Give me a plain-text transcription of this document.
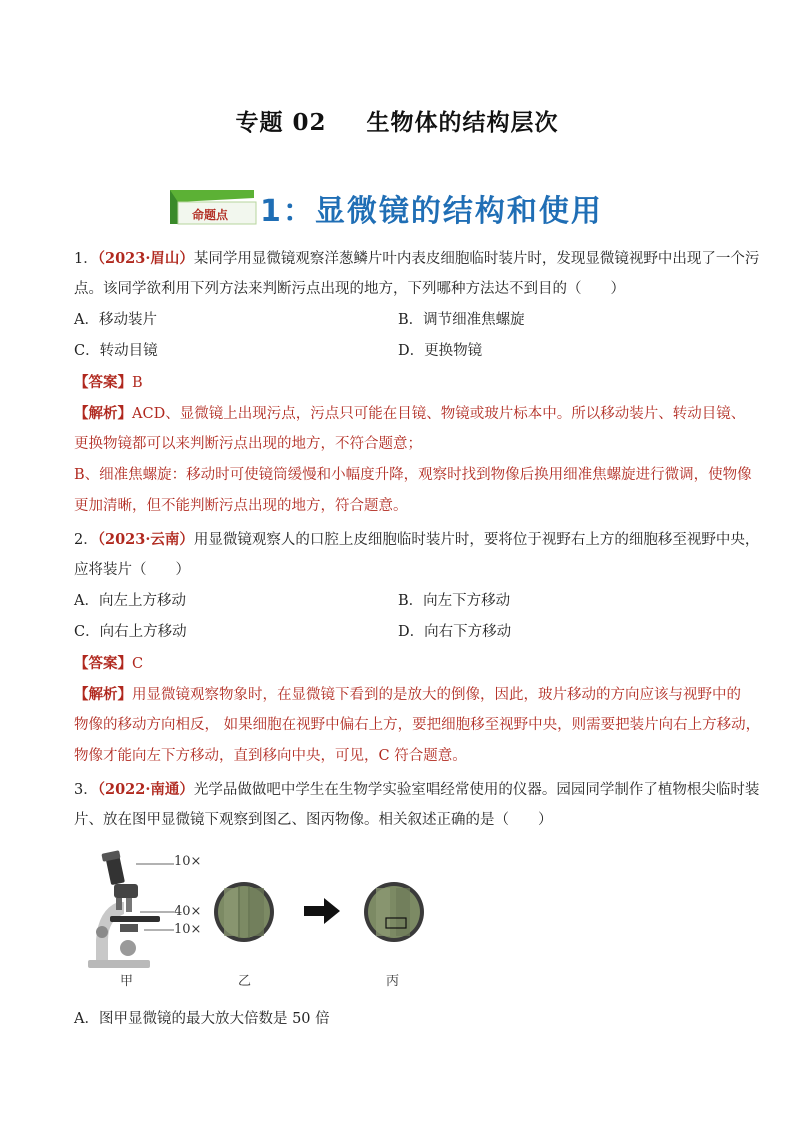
专题 02 生物体的结构层次
命题点 1：显微镜的结构和使用
1．（2023·眉山）某同学用显微镜观察洋葱鳞片叶内表皮细胞临时装片时，发现显微镜视野中出现了一个污
点。该同学欲利用下列方法来判断污点出现的地方，下列哪种方法达不到目的（　　）
A．移动装片	B．调节细准焦螺旋
C．转动目镜	D．更换物镜
【答案】B
【解析】ACD、显微镜上出现污点，污点只可能在目镜、物镜或玻片标本中。所以移动装片、转动目镜、
更换物镜都可以来判断污点出现的地方，不符合题意；
B、细准焦螺旋：移动时可使镜筒缓慢和小幅度升降，观察时找到物像后换用细准焦螺旋进行微调，使物像
更加清晰，但不能判断污点出现的地方，符合题意。
2．（2023·云南）用显微镜观察人的口腔上皮细胞临时装片时，要将位于视野右上方的细胞移至视野中央，
应将装片（　　）
A．向左上方移动	B．向左下方移动
C．向右上方移动	D．向右下方移动
【答案】C
【解析】用显微镜观察物象时，在显微镜下看到的是放大的倒像，因此，玻片移动的方向应该与视野中的
物像的移动方向相反， 如果细胞在视野中偏右上方，要把细胞移至视野中央，则需要把装片向右上方移动，
物像才能向左下方移动，直到移向中央，可见，C 符合题意。
3．（2022·南通）光学品做做吧中学生在生物学实验室唱经常使用的仪器。园园同学制作了植物根尖临时装
片、放在图甲显微镜下观察到图乙、图丙物像。相关叙述正确的是（　　）
10×
40×
10×
甲	乙	丙
A．图甲显微镜的最大放大倍数是 50 倍
